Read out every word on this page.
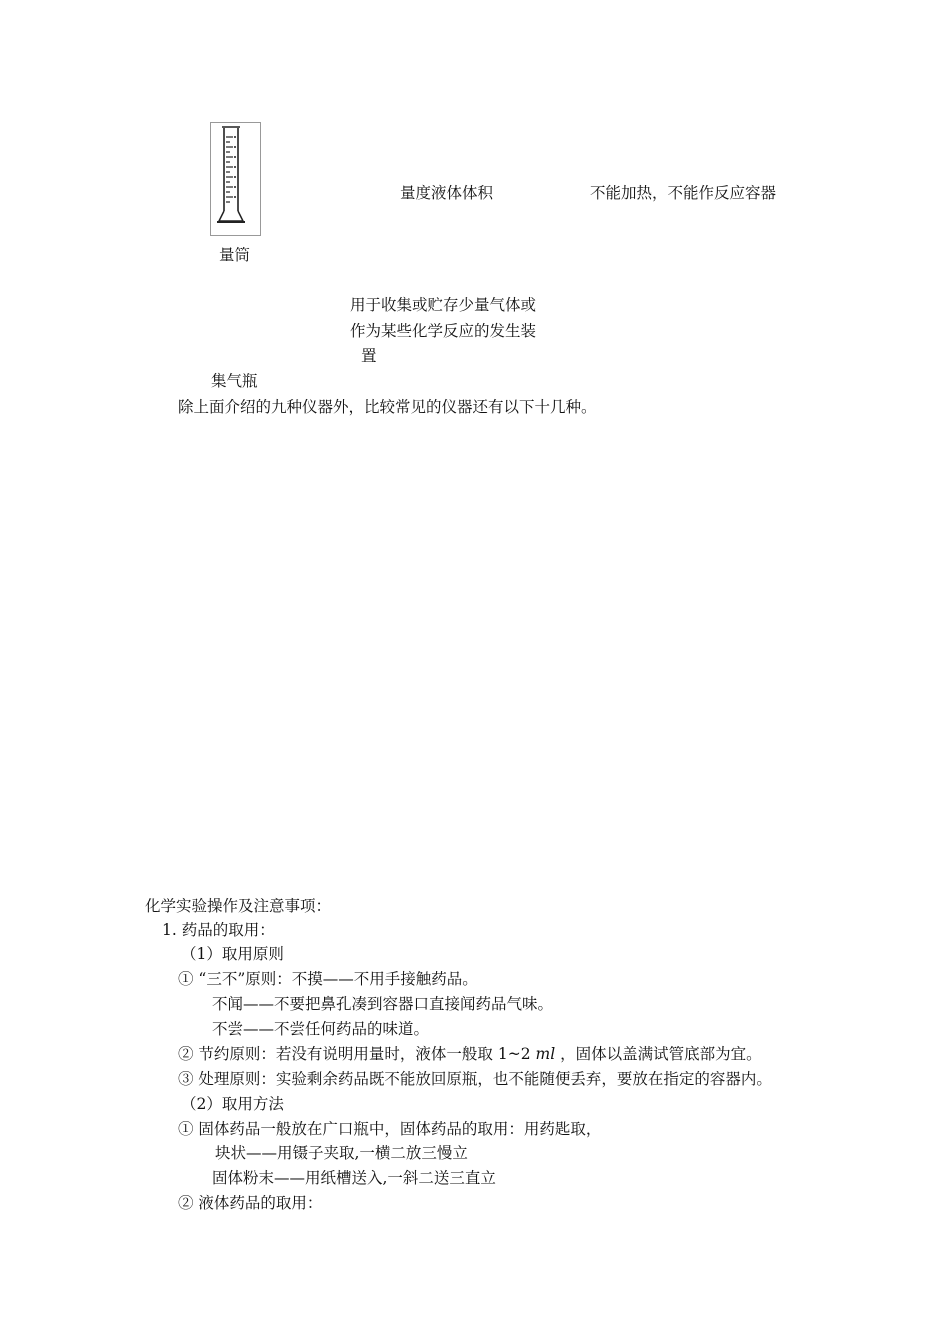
量度液体体积	不能加热，不能作反应容器
量筒
用于收集或贮存少量气体或
作为某些化学反应的发生装
置
集气瓶
除上面介绍的九种仪器外，比较常见的仪器还有以下十几种。
化学实验操作及注意事项：
1. 药品的取用：
（1）取用原则
① “三不”原则：不摸——不用手接触药品。
不闻——不要把鼻孔凑到容器口直接闻药品气味。
不尝——不尝任何药品的味道。
② 节约原则：若没有说明用量时，液体一般取 1~2 ml ，固体以盖满试管底部为宜。
③ 处理原则：实验剩余药品既不能放回原瓶，也不能随便丢弃，要放在指定的容器内。
（2）取用方法
① 固体药品一般放在广口瓶中，固体药品的取用：用药匙取，
块状——用镊子夹取,一横二放三慢立
固体粉末——用纸槽送入,一斜二送三直立
② 液体药品的取用：
